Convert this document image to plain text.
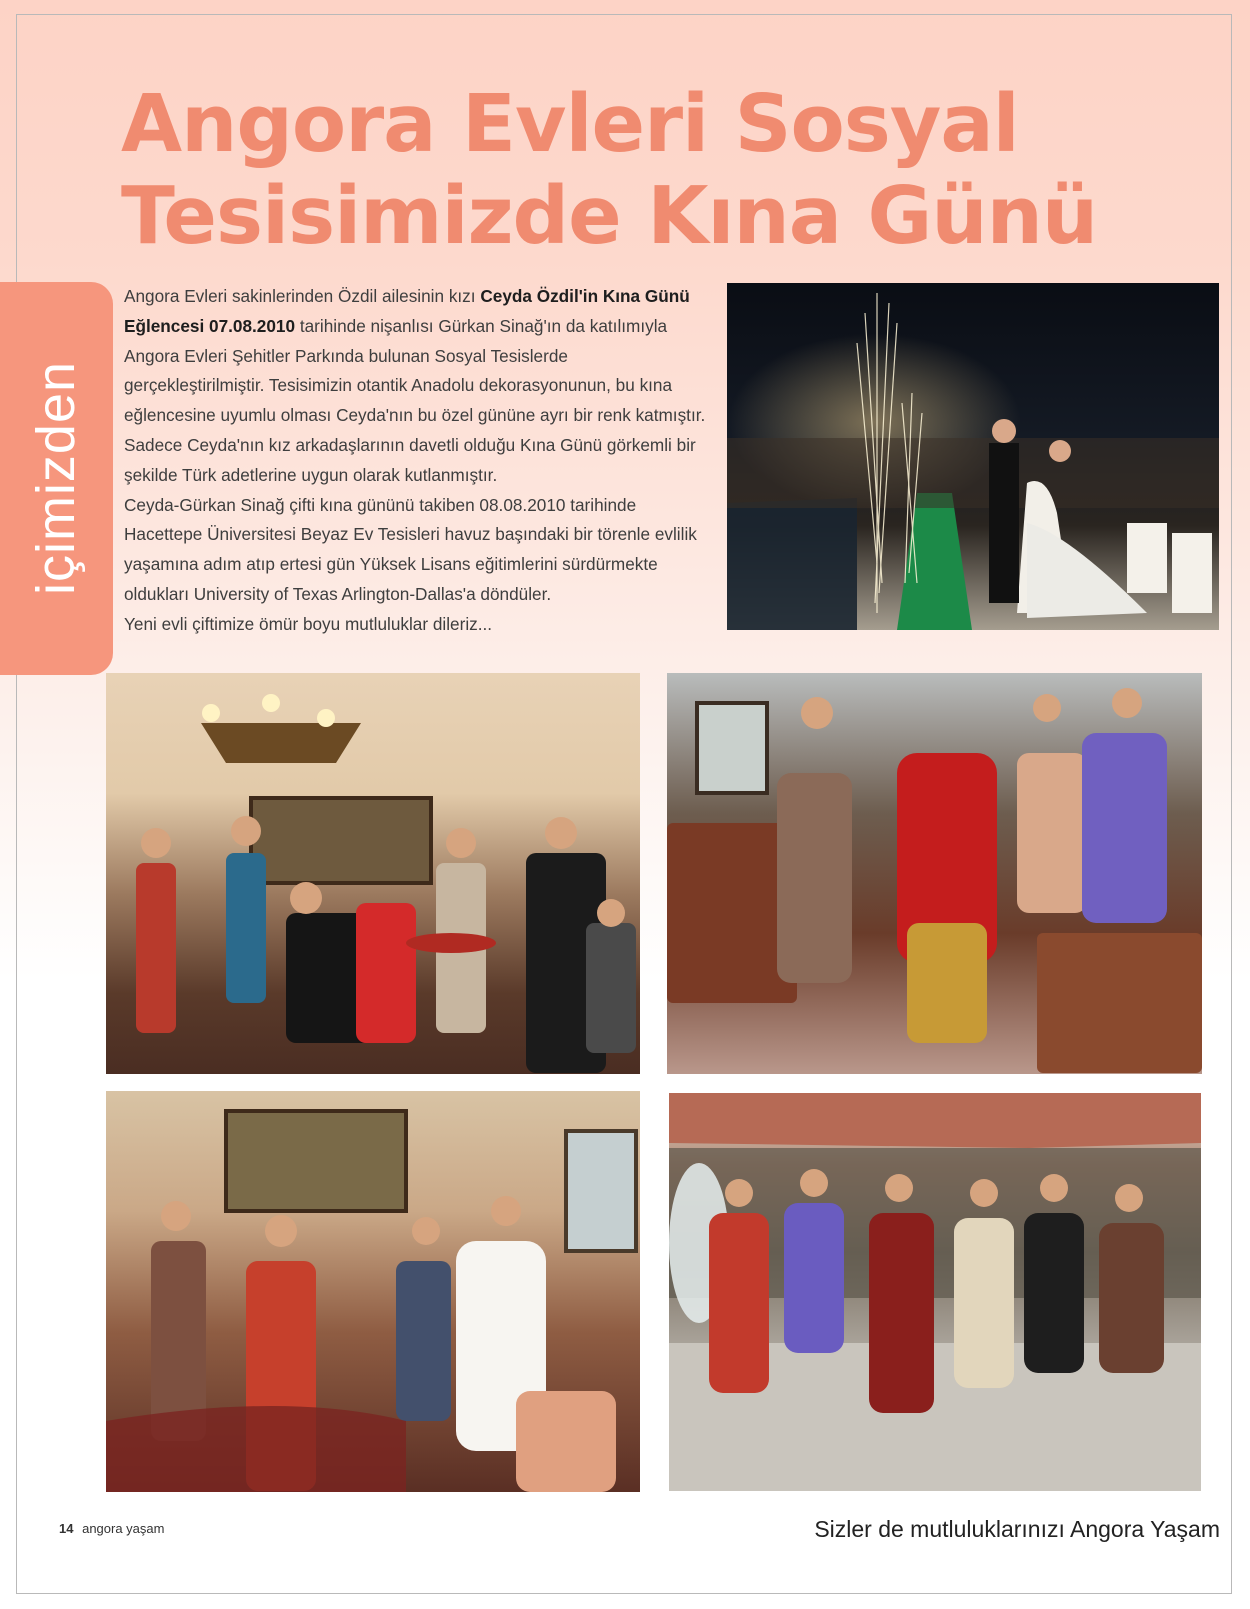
Angora Evleri Sosyal
Tesisimizde Kına Günü
içimizden

Angora Evleri sakinlerinden Özdil ailesinin kızı Ceyda Özdil'in Kına Günü Eğlencesi 07.08.2010 tarihinde nişanlısı Gürkan Sinağ'ın da katılımıyla Angora Evleri Şehitler Parkında bulunan Sosyal Tesislerde gerçekleştirilmiştir. Tesisimizin otantik Anadolu dekorasyonunun, bu kına eğlencesine uyumlu olması Ceyda'nın bu özel gününe ayrı bir renk katmıştır. Sadece Ceyda'nın kız arkadaşlarının davetli olduğu Kına Günü görkemli bir şekilde Türk adetlerine uygun olarak kutlanmıştır.

Ceyda-Gürkan Sinağ çifti kına gününü takiben 08.08.2010 tarihinde Hacettepe Üniversitesi Beyaz Ev Tesisleri havuz başındaki bir törenle evlilik yaşamına adım atıp ertesi gün Yüksek Lisans eğitimlerini sürdürmekte oldukları University of Texas Arlington-Dallas'a döndüler.

Yeni evli çiftimize ömür boyu mutluluklar dileriz...

14 angora yaşam	Sizler de mutluluklarınızı Angora Yaşam
